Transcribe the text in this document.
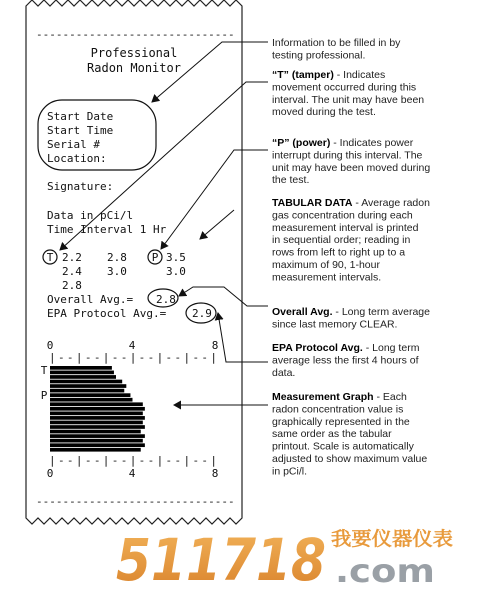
------------------------------
Professional
Radon Monitor
Start Date
Start Time
Serial #
Location:
Signature:
Data in pCi/l
Time Interval 1 Hr
T 2.2 2.8 P 3.5
2.4 3.0	3.0
2.8
Overall Avg.= 2.8
EPA Protocol Avg.= 2.9
0	4	8
|--|--|--|--|--|--|
T
P
|--|--|--|--|--|--|
0	4	8
------------------------------
Information to be filled in by
testing professional.
“T” (tamper) - Indicates
movement occurred during this
interval. The unit may have been
moved during the test.
“P” (power) - Indicates power
interrupt during this interval. The
unit may have been moved during
the test.
TABULAR DATA - Average radon
gas concentration during each
measurement interval is printed
in sequential order; reading in
rows from left to right up to a
maximum of 90, 1-hour
measurement intervals.
Overall Avg. - Long term average
since last memory CLEAR.
EPA Protocol Avg. - Long term
average less the first 4 hours of
data.
Measurement Graph - Each
radon concentration value is
graphically represented in the
same order as the tabular
printout. Scale is automatically
adjusted to show maximum value
in pCi/l.
511718 我要仪器仪表
.com
